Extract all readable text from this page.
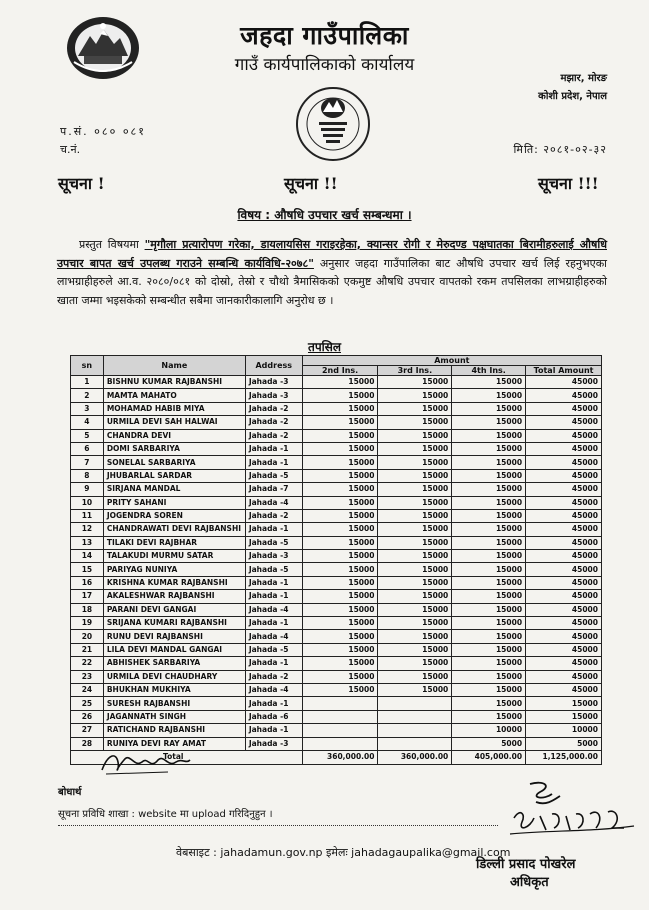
जहदा गाउँपालिका
गाउँ कार्यपालिकाको कार्यालय
मझार, मोरङ
कोशी प्रदेश, नेपाल
प.सं. ०८० ०८१
च.नं.	मिति: २०८१-०२-३२
सूचना !	सूचना !!	सूचना !!!
विषय : औषधि उपचार खर्च सम्बन्धमा ।
प्रस्तुत विषयमा "मृगौला प्रत्यारोपण गरेका, डायलायसिस गराइरहेका, क्यान्सर रोगी र मेरुदण्ड पक्षघातका बिरामीहरुलाई औषधि उपचार बापत खर्च उपलब्ध गराउने सम्बन्धि कार्यविधि-२०७८" अनुसार जहदा गाउँपालिका बाट औषधि उपचार खर्च लिई रहनुभएका लाभग्राहीहरुले आ.व. २०८०/०८१ को दोस्रो, तेस्रो र चौथो त्रैमासिकको एकमुष्ट औषधि उपचार वापतको रकम तपसिलका लाभग्राहीहरुको खाता जम्मा भइसकेको सम्बन्धीत सबैमा जानकारीकालागि अनुरोध छ ।
तपसिल
sn	Name	Address	Amount			
			2nd Ins.	3rd Ins.	4th Ins.	Total Amount
1	BISHNU KUMAR RAJBANSHI	Jahada -3	15000	15000	15000	45000
2	MAMTA MAHATO	Jahada -3	15000	15000	15000	45000
3	MOHAMAD HABIB MIYA	Jahada -2	15000	15000	15000	45000
4	URMILA DEVI SAH HALWAI	Jahada -2	15000	15000	15000	45000
5	CHANDRA DEVI	Jahada -2	15000	15000	15000	45000
6	DOMI SARBARIYA	Jahada -1	15000	15000	15000	45000
7	SONELAL SARBARIYA	Jahada -1	15000	15000	15000	45000
8	JHUBARLAL SARDAR	Jahada -5	15000	15000	15000	45000
9	SIRJANA MANDAL	Jahada -7	15000	15000	15000	45000
10	PRITY SAHANI	Jahada -4	15000	15000	15000	45000
11	JOGENDRA SOREN	Jahada -2	15000	15000	15000	45000
12	CHANDRAWATI DEVI RAJBANSHI	Jahada -1	15000	15000	15000	45000
13	TILAKI DEVI RAJBHAR	Jahada -5	15000	15000	15000	45000
14	TALAKUDI MURMU SATAR	Jahada -3	15000	15000	15000	45000
15	PARIYAG NUNIYA	Jahada -5	15000	15000	15000	45000
16	KRISHNA KUMAR RAJBANSHI	Jahada -1	15000	15000	15000	45000
17	AKALESHWAR RAJBANSHI	Jahada -1	15000	15000	15000	45000
18	PARANI DEVI GANGAI	Jahada -4	15000	15000	15000	45000
19	SRIJANA KUMARI RAJBANSHI	Jahada -1	15000	15000	15000	45000
20	RUNU DEVI RAJBANSHI	Jahada -4	15000	15000	15000	45000
21	LILA DEVI MANDAL GANGAI	Jahada -5	15000	15000	15000	45000
22	ABHISHEK SARBARIYA	Jahada -1	15000	15000	15000	45000
23	URMILA DEVI CHAUDHARY	Jahada -2	15000	15000	15000	45000
24	BHUKHAN MUKHIYA	Jahada -4	15000	15000	15000	45000
25	SURESH RAJBANSHI	Jahada -1			15000	15000
26	JAGANNATH SINGH	Jahada -6			15000	15000
27	RATICHAND RAJBANSHI	Jahada -1			10000	10000
28	RUNIYA DEVI RAY AMAT	Jahada -3			5000	5000
Total			360,000.00	360,000.00	405,000.00	1,125,000.00
बोधार्थ
सूचना प्रविधि शाखा : website मा upload गरिदिनुहुन ।
वेबसाइट : jahadamun.gov.np इमेलः jahadagaupalika@gmail.com
डिल्ली प्रसाद पोखरेल
अधिकृत
